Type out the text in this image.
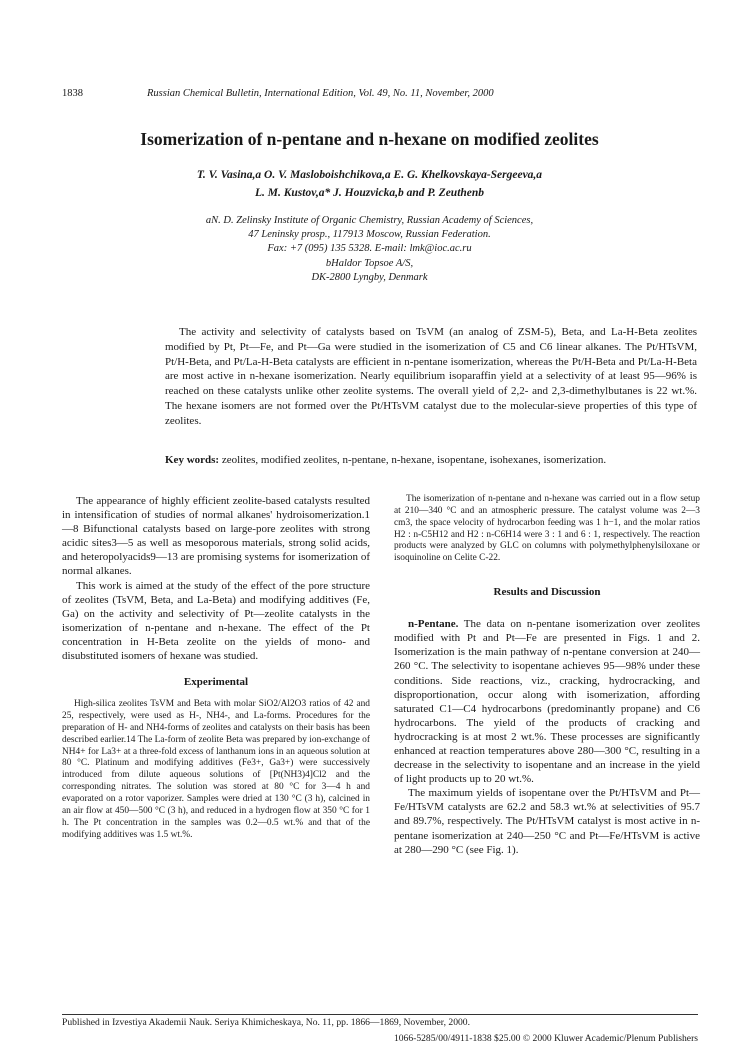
1838	Russian Chemical Bulletin, International Edition, Vol. 49, No. 11, November, 2000
Isomerization of n-pentane and n-hexane on modified zeolites
T. V. Vasina,a O. V. Masloboishchikova,a E. G. Khelkovskaya-Sergeeva,a
L. M. Kustov,a* J. Houzvicka,b and P. Zeuthenb
aN. D. Zelinsky Institute of Organic Chemistry, Russian Academy of Sciences,
47 Leninsky prosp., 117913 Moscow, Russian Federation.
Fax: +7 (095) 135 5328. E-mail: lmk@ioc.ac.ru
bHaldor Topsoe A/S,
DK-2800 Lyngby, Denmark

The activity and selectivity of catalysts based on TsVM (an analog of ZSM-5), Beta, and La-H-Beta zeolites modified by Pt, Pt—Fe, and Pt—Ga were studied in the isomerization of C5 and C6 linear alkanes. The Pt/HTsVM, Pt/H-Beta, and Pt/La-H-Beta catalysts are efficient in n-pentane isomerization, whereas the Pt/H-Beta and Pt/La-H-Beta are most active in n-hexane isomerization. Nearly equilibrium isoparaffin yield at a selectivity of at least 95—96% is reached on these catalysts unlike other zeolite systems. The overall yield of 2,2- and 2,3-dimethylbutanes is 22 wt.%. The hexane isomers are not formed over the Pt/HTsVM catalyst due to the molecular-sieve properties of this type of zeolites.

Key words: zeolites, modified zeolites, n-pentane, n-hexane, isopentane, isohexanes, isomerization.

The appearance of highly efficient zeolite-based catalysts resulted in intensification of studies of normal alkanes' hydroisomerization.1—8 Bifunctional catalysts based on large-pore zeolites with strong acidic sites3—5 as well as mesoporous materials, strong solid acids, and heteropolyacids9—13 are promising systems for isomerization of normal alkanes.

This work is aimed at the study of the effect of the pore structure of zeolites (TsVM, Beta, and La-Beta) and modifying additives (Fe, Ga) on the activity and selectivity of Pt—zeolite catalysts in the isomerization of n-pentane and n-hexane. The effect of the Pt concentration in H-Beta zeolite on the yields of mono- and disubstituted isomers of hexane was studied.

Experimental

High-silica zeolites TsVM and Beta with molar SiO2/Al2O3 ratios of 42 and 25, respectively, were used as H-, NH4-, and La-forms. Procedures for the preparation of H- and NH4-forms of zeolites and catalysts on their basis has been described earlier.14 The La-form of zeolite Beta was prepared by ion-exchange of NH4+ for La3+ at a three-fold excess of lanthanum ions in an aqueous solution at 80 °C. Platinum and modifying additives (Fe3+, Ga3+) were successively introduced from dilute aqueous solutions of [Pt(NH3)4]Cl2 and the corresponding nitrates. The solution was stored at 80 °C for 3—4 h and evaporated on a rotor vaporizer. Samples were dried at 130 °C (3 h), calcined in an air flow at 450—500 °C (3 h), and reduced in a hydrogen flow at 350 °C for 1 h. The Pt concentration in the samples was 0.2—0.5 wt.% and that of the modifying additives was 1.5 wt.%.

The isomerization of n-pentane and n-hexane was carried out in a flow setup at 210—340 °C and an atmospheric pressure. The catalyst volume was 2—3 cm3, the space velocity of hydrocarbon feeding was 1 h−1, and the molar ratios H2 : n-C5H12 and H2 : n-C6H14 were 3 : 1 and 6 : 1, respectively. The reaction products were analyzed by GLC on columns with polymethylphenylsiloxane or isoquinoline on Celite C-22.

Results and Discussion

n-Pentane. The data on n-pentane isomerization over zeolites modified with Pt and Pt—Fe are presented in Figs. 1 and 2. Isomerization is the main pathway of n-pentane conversion at 240—260 °C. The selectivity to isopentane achieves 95—98% under these conditions. Side reactions, viz., cracking, hydrocracking, and disproportionation, occur along with isomerization, affording saturated C1—C4 hydrocarbons (predominantly propane) and C6 hydrocarbons. The yield of the products of cracking and hydrocracking is at most 2 wt.%. These processes are significantly enhanced at reaction temperatures above 280—300 °C, resulting in a decrease in the selectivity to isopentane and an increase in the yield of light products up to 20 wt.%.

The maximum yields of isopentane over the Pt/HTsVM and Pt—Fe/HTsVM catalysts are 62.2 and 58.3 wt.% at selectivities of 95.7 and 89.7%, respectively. The Pt/HTsVM catalyst is most active in n-pentane isomerization at 240—250 °C and Pt—Fe/HTsVM is active at 280—290 °C (see Fig. 1).

Published in Izvestiya Akademii Nauk. Seriya Khimicheskaya, No. 11, pp. 1866—1869, November, 2000.
1066-5285/00/4911-1838 $25.00 © 2000 Kluwer Academic/Plenum Publishers
